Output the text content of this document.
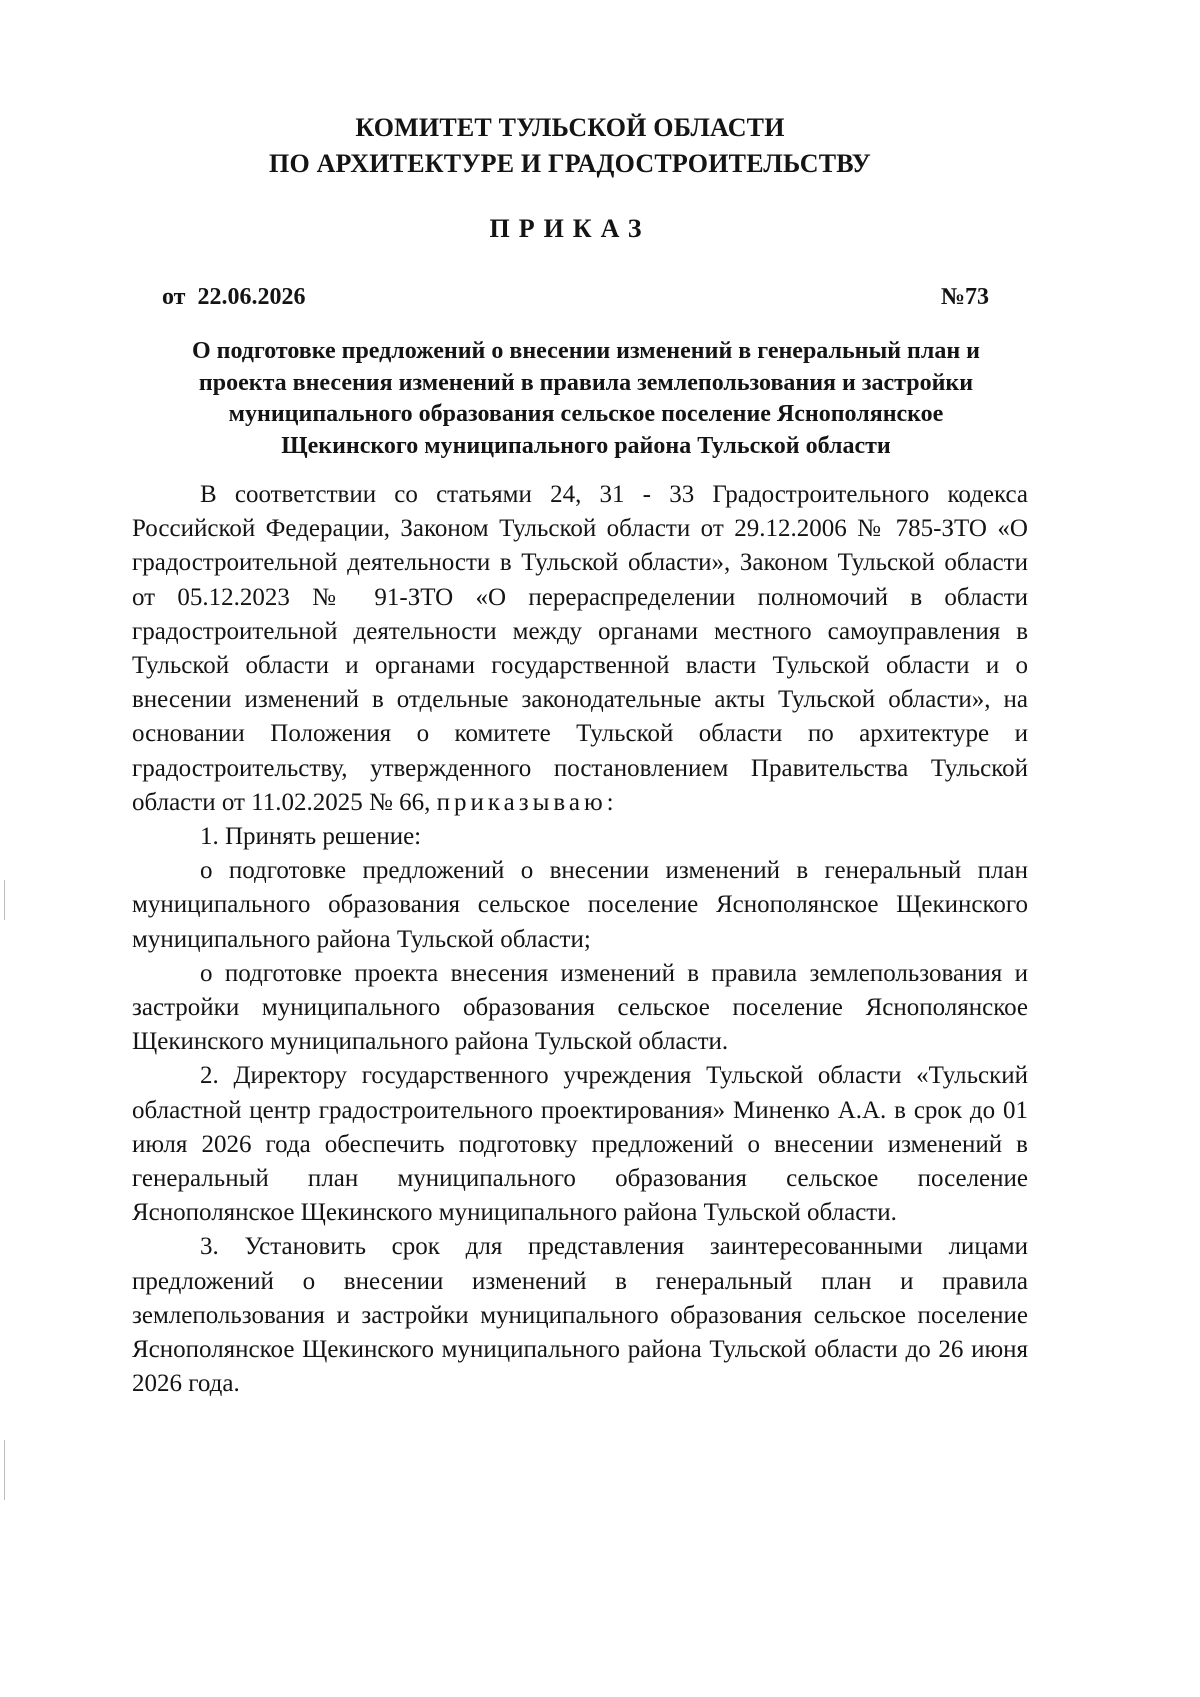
КОМИТЕТ ТУЛЬСКОЙ ОБЛАСТИ
ПО АРХИТЕКТУРЕ И ГРАДОСТРОИТЕЛЬСТВУ
ПРИКАЗ
от 22.06.2026	№73
О подготовке предложений о внесении изменений в генеральный план и
проекта внесения изменений в правила землепользования и застройки
муниципального образования сельское поселение Яснополянское
Щекинского муниципального района Тульской области

В соответствии со статьями 24, 31 - 33 Градостроительного кодекса Российской Федерации, Законом Тульской области от 29.12.2006 № 785-ЗТО «О градостроительной деятельности в Тульской области», Законом Тульской области от 05.12.2023 № 91-ЗТО «О перераспределении полномочий в области градостроительной деятельности между органами местного самоуправления в Тульской области и органами государственной власти Тульской области и о внесении изменений в отдельные законодательные акты Тульской области», на основании Положения о комитете Тульской области по архитектуре и градостроительству, утвержденного постановлением Правительства Тульской области от 11.02.2025 № 66, приказываю:

1. Принять решение:

о подготовке предложений о внесении изменений в генеральный план муниципального образования сельское поселение Яснополянское Щекинского муниципального района Тульской области;

о подготовке проекта внесения изменений в правила землепользования и застройки муниципального образования сельское поселение Яснополянское Щекинского муниципального района Тульской области.

2. Директору государственного учреждения Тульской области «Тульский областной центр градостроительного проектирования» Миненко А.А. в срок до 01 июля 2026 года обеспечить подготовку предложений о внесении изменений в генеральный план муниципального образования сельское поселение Яснополянское Щекинского муниципального района Тульской области.

3. Установить срок для представления заинтересованными лицами предложений о внесении изменений в генеральный план и правила землепользования и застройки муниципального образования сельское поселение Яснополянское Щекинского муниципального района Тульской области до 26 июня 2026 года.
